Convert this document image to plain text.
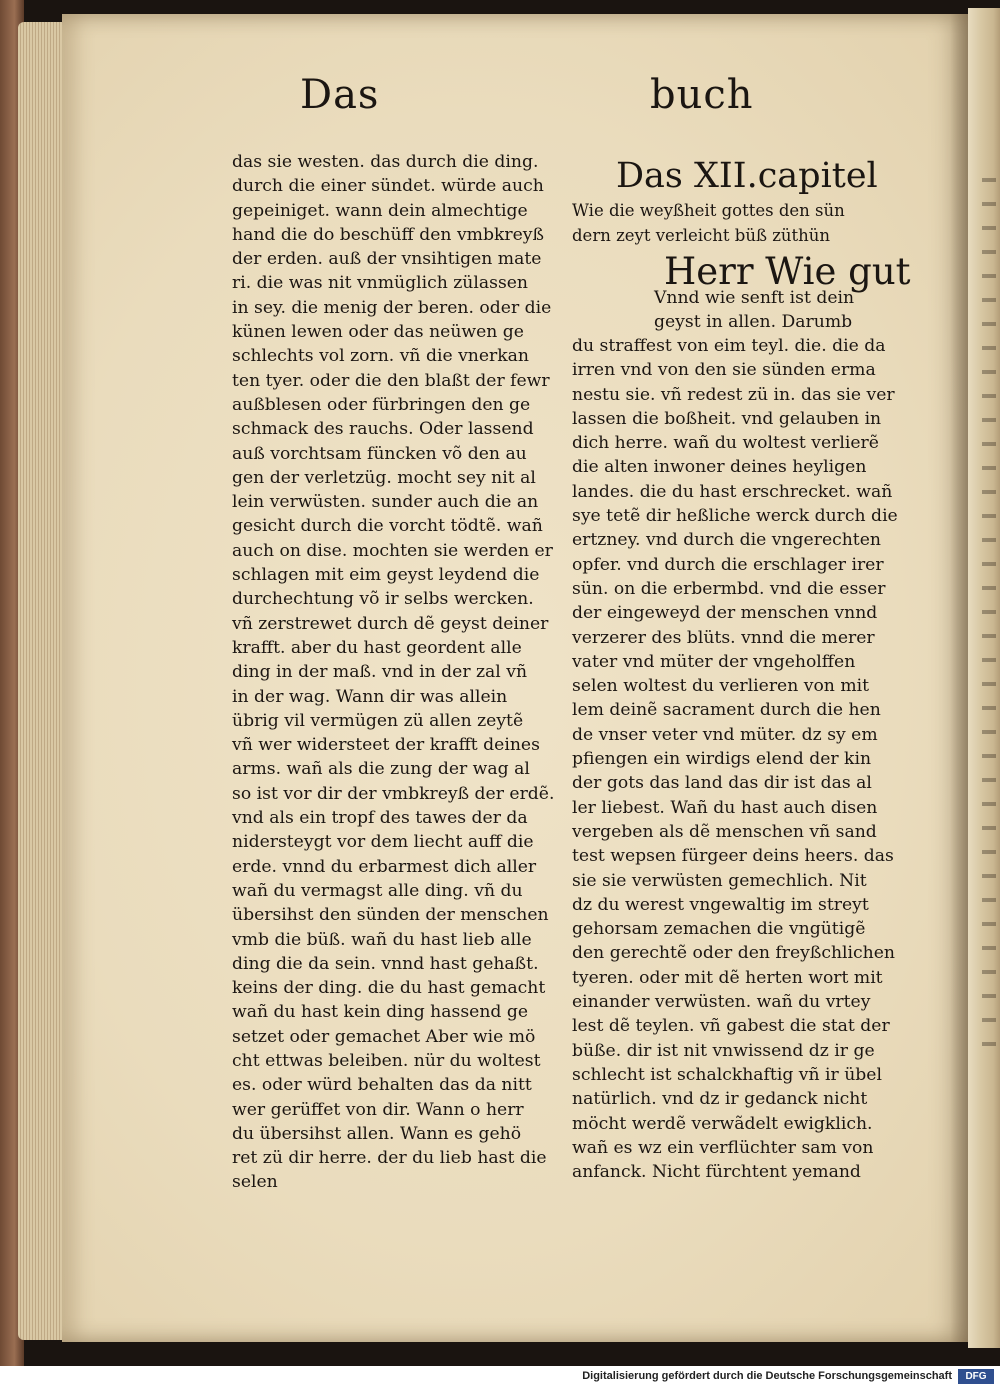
Das	buch
das sie westen. das durch die ding.
durch die einer sündet. würde auch
gepeiniget. wann dein almechtige
hand die do beschüff den vmbkreyß
der erden. auß der vnsihtigen mate
ri. die was nit vnmüglich zülassen
in sey. die menig der beren. oder die
künen lewen oder das neüwen ge
schlechts vol zorn. vñ die vnerkan
ten tyer. oder die den blaßt der fewr
außblesen oder fürbringen den ge
schmack des rauchs. Oder lassend
auß vorchtsam füncken võ den au
gen der verletzüg. mocht sey nit al
lein verwüsten. sunder auch die an
gesicht durch die vorcht tödtẽ. wañ
auch on dise. mochten sie werden er
schlagen mit eim geyst leydend die
durchechtung võ ir selbs wercken.
vñ zerstrewet durch dẽ geyst deiner
krafft. aber du hast geordent alle
ding in der maß. vnd in der zal vñ
in der wag. Wann dir was allein
übrig vil vermügen zü allen zeytẽ
vñ wer widersteet der krafft deines
arms. wañ als die zung der wag al
so ist vor dir der vmbkreyß der erdẽ.
vnd als ein tropf des tawes der da
nidersteygt vor dem liecht auff die
erde. vnnd du erbarmest dich aller
wañ du vermagst alle ding. vñ du
übersihst den sünden der menschen
vmb die büß. wañ du hast lieb alle
ding die da sein. vnnd hast gehaßt.
keins der ding. die du hast gemacht
wañ du hast kein ding hassend ge
setzet oder gemachet Aber wie mö
cht ettwas beleiben. nür du woltest
es. oder würd behalten das da nitt
wer gerüffet von dir. Wann o herr
du übersihst allen. Wann es gehö
ret zü dir herre. der du lieb hast die
selen
Das XII.capitel
Wie die weyßheit gottes den sün
dern zeyt verleicht büß züthün
Herr Wie gut
Vnnd wie senft ist dein
geyst in allen. Darumb
du straffest von eim teyl. die. die da
irren vnd von den sie sünden erma
nestu sie. vñ redest zü in. das sie ver
lassen die boßheit. vnd gelauben in
dich herre. wañ du woltest verlierẽ
die alten inwoner deines heyligen
landes. die du hast erschrecket. wañ
sye tetẽ dir heßliche werck durch die
ertzney. vnd durch die vngerechten
opfer. vnd durch die erschlager irer
sün. on die erbermbd. vnd die esser
der eingeweyd der menschen vnnd
verzerer des blüts. vnnd die merer
vater vnd müter der vngeholffen
selen woltest du verlieren von mit
lem deinẽ sacrament durch die hen
de vnser veter vnd müter. dz sy em
pfiengen ein wirdigs elend der kin
der gots das land das dir ist das al
ler liebest. Wañ du hast auch disen
vergeben als dẽ menschen vñ sand
test wepsen fürgeer deins heers. das
sie sie verwüsten gemechlich. Nit
dz du werest vngewaltig im streyt
gehorsam zemachen die vngütigẽ
den gerechtẽ oder den freyßchlichen
tyeren. oder mit dẽ herten wort mit
einander verwüsten. wañ du vrtey
lest dẽ teylen. vñ gabest die stat der
büße. dir ist nit vnwissend dz ir ge
schlecht ist schalckhaftig vñ ir übel
natürlich. vnd dz ir gedanck nicht
möcht werdẽ verwãdelt ewigklich.
wañ es wz ein verflüchter sam von
anfanck. Nicht fürchtent yemand
Digitalisierung gefördert durch die Deutsche Forschungsgemeinschaft	DFG
